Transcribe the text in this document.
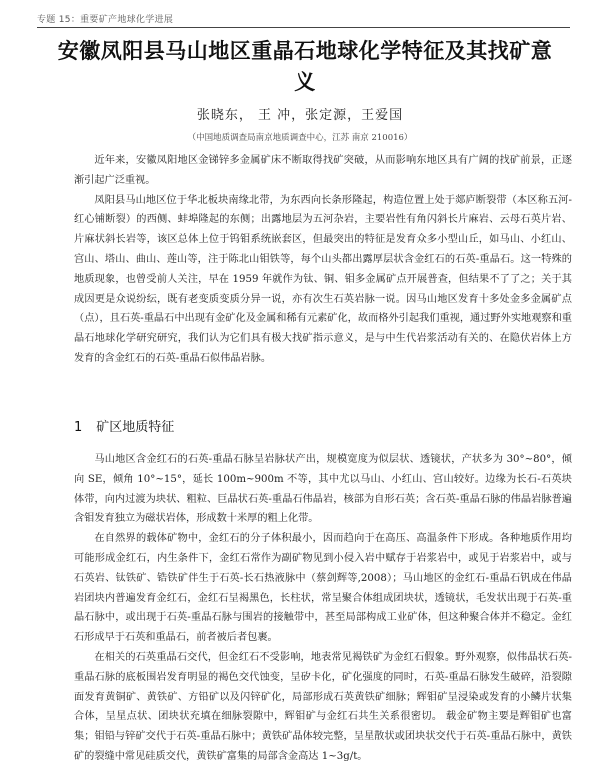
专题 15：重要矿产地球化学进展
安徽凤阳县马山地区重晶石地球化学特征及其找矿意义
张晓东， 王 冲，张定源，王爱国
（中国地质调查局南京地质调查中心，江苏 南京 210016）

近年来，安徽凤阳地区金锑锌多金属矿床不断取得找矿突破，从而影响东地区具有广阔的找矿前景，正逐渐引起广泛重视。

凤阳县马山地区位于华北板块南缘北带，为东西向长条形隆起，构造位置上处于郯庐断裂带（本区称五河-红心铺断裂）的西侧、蚌埠隆起的东侧；出露地层为五河杂岩，主要岩性有角闪斜长片麻岩、云母石英片岩、片麻状斜长岩等，该区总体上位于钨钼系统嵌套区，但最突出的特征是发育众多小型山丘，如马山、小红山、宫山、塔山、曲山、莲山等，注于陈北山钼铁等，每个山头都出露厚层状含金红石的石英-重晶石。这一特殊的地质现象，也曾受前人关注，早在 1959 年就作为钛、铜、钼多金属矿点开展普查，但结果不了了之；关于其成因更是众说纷纭，既有老变质变质分异一说，亦有次生石英岩脉一说。因马山地区发育十多处金多金属矿点（点），且石英-重晶石中出现有金矿化及金属和稀有元素矿化，故而格外引起我们重视，通过野外实地观察和重晶石地球化学研究研究，我们认为它们具有极大找矿指示意义，是与中生代岩浆活动有关的、在隐伏岩体上方发育的含金红石的石英-重晶石似伟晶岩脉。

1 矿区地质特征

马山地区含金红石的石英-重晶石脉呈岩脉状产出，规模宽度为似层状、透镜状，产状多为 30°~80°，倾向 SE，倾角 10°~15°，延长 100m~900m 不等，其中尤以马山、小红山、宫山较好。边缘为长石-石英块体带，向内过渡为块状、粗粒、巨晶状石英-重晶石伟晶岩，核部为自形石英；含石英-重晶石脉的伟晶岩脉普遍含钼发育独立为磁状岩体，形成数十米厚的粗上化带。

在自然界的载体矿物中，金红石的分子体积最小，因而趋向于在高压、高温条件下形成。各种地质作用均可能形成金红石，内生条件下，金红石常作为副矿物见到小侵入岩中赋存于岩浆岩中，或见于岩浆岩中，或与石英岩、钛铁矿、锆铁矿伴生于石英-长石热液脉中（蔡剑辉等,2008）；马山地区的金红石-重晶石钒成在伟晶岩团块内普遍发育金红石，金红石呈褐黑色，长柱状，常呈聚合体组成团块状，透镜状，毛发状出现于石英-重晶石脉中，或出现于石英-重晶石脉与围岩的接触带中，甚至局部构成工业矿体，但这种聚合体并不稳定。金红石形成早于石英和重晶石，前者被后者包裹。

在相关的石英重晶石交代，但金红石不受影响，地表常见褐铁矿为金红石假象。野外观察，似伟晶状石英-重晶石脉的底板围岩发育明显的褐色交代蚀变，呈矽卡化，矿化强度的同时，石英-重晶石脉发生破碎，沿裂隙面发育黄铜矿、黄铁矿、方铅矿以及闪锌矿化，局部形成石英黄铁矿细脉；辉钼矿呈浸染或发育的小鳞片状集合体，呈星点状、团块状充填在细脉裂隙中，辉钼矿与金红石共生关系很密切。 载金矿物主要是辉钼矿也富集；钼铅与锌矿交代于石英-重晶石脉中；黄铁矿晶体较完整，呈星散状或团块状交代于石英-重晶石脉中，黄铁矿的裂缝中常见硅质交代，黄铁矿富集的局部含金高达 1~3g/t。
